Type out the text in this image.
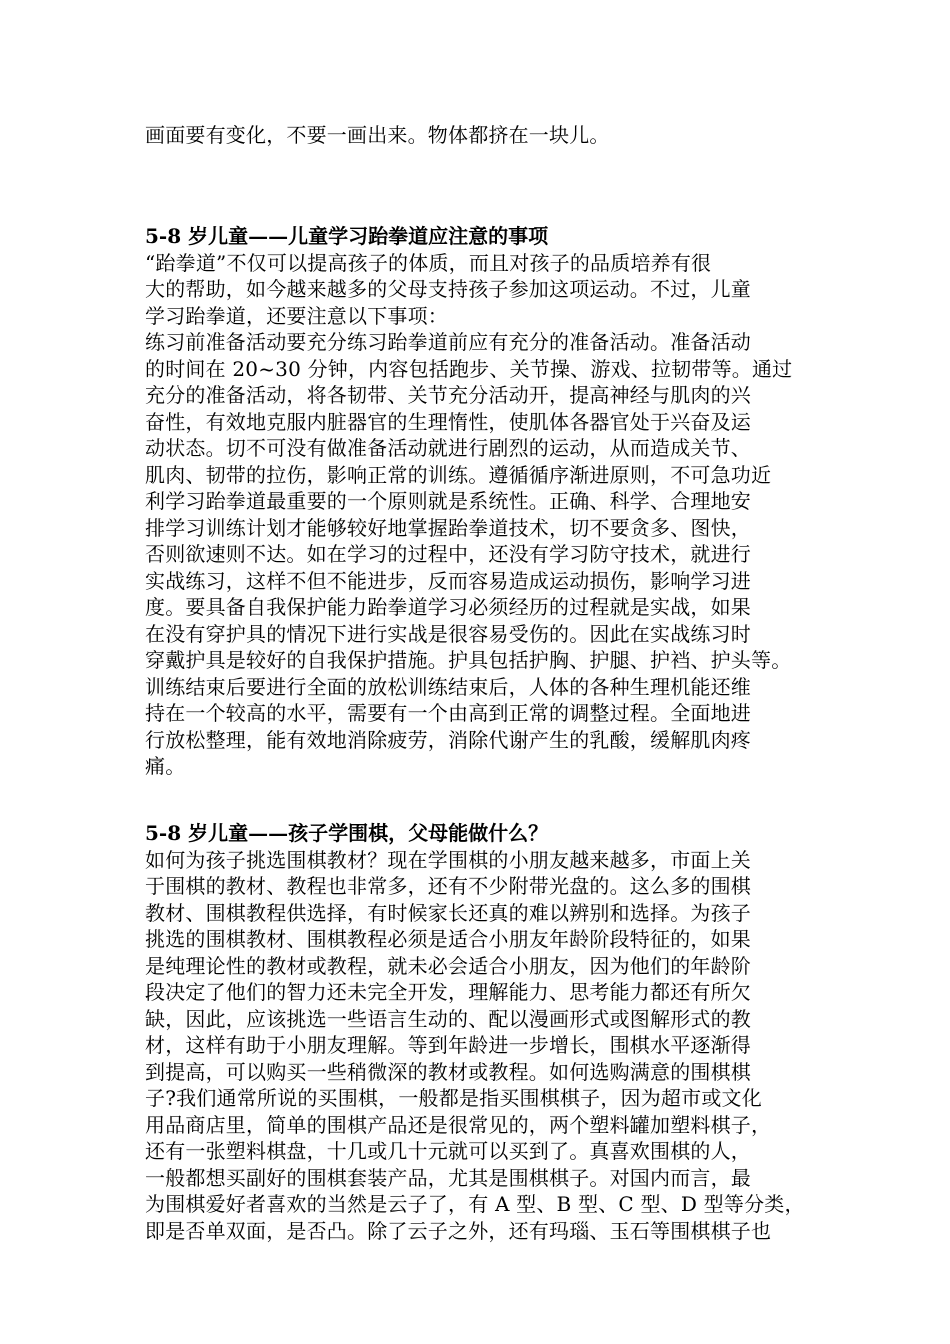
画面要有变化，不要一画出来。物体都挤在一块儿。
5-8 岁儿童——儿童学习跆拳道应注意的事项
“跆拳道”不仅可以提高孩子的体质，而且对孩子的品质培养有很
大的帮助，如今越来越多的父母支持孩子参加这项运动。不过，儿童
学习跆拳道，还要注意以下事项：
练习前准备活动要充分练习跆拳道前应有充分的准备活动。准备活动
的时间在 20~30 分钟，内容包括跑步、关节操、游戏、拉韧带等。通过
充分的准备活动，将各韧带、关节充分活动开，提高神经与肌肉的兴
奋性，有效地克服内脏器官的生理惰性，使肌体各器官处于兴奋及运
动状态。切不可没有做准备活动就进行剧烈的运动，从而造成关节、
肌肉、韧带的拉伤，影响正常的训练。遵循循序渐进原则，不可急功近
利学习跆拳道最重要的一个原则就是系统性。正确、科学、合理地安
排学习训练计划才能够较好地掌握跆拳道技术，切不要贪多、图快，
否则欲速则不达。如在学习的过程中，还没有学习防守技术，就进行
实战练习，这样不但不能进步，反而容易造成运动损伤，影响学习进
度。要具备自我保护能力跆拳道学习必须经历的过程就是实战，如果
在没有穿护具的情况下进行实战是很容易受伤的。因此在实战练习时
穿戴护具是较好的自我保护措施。护具包括护胸、护腿、护裆、护头等。
训练结束后要进行全面的放松训练结束后，人体的各种生理机能还维
持在一个较高的水平，需要有一个由高到正常的调整过程。全面地进
行放松整理，能有效地消除疲劳，消除代谢产生的乳酸，缓解肌肉疼
痛。
5-8 岁儿童——孩子学围棋，父母能做什么？
如何为孩子挑选围棋教材？现在学围棋的小朋友越来越多，市面上关
于围棋的教材、教程也非常多，还有不少附带光盘的。这么多的围棋
教材、围棋教程供选择，有时候家长还真的难以辨别和选择。为孩子
挑选的围棋教材、围棋教程必须是适合小朋友年龄阶段特征的，如果
是纯理论性的教材或教程，就未必会适合小朋友，因为他们的年龄阶
段决定了他们的智力还未完全开发，理解能力、思考能力都还有所欠
缺，因此，应该挑选一些语言生动的、配以漫画形式或图解形式的教
材，这样有助于小朋友理解。等到年龄进一步增长，围棋水平逐渐得
到提高，可以购买一些稍微深的教材或教程。如何选购满意的围棋棋
子?我们通常所说的买围棋，一般都是指买围棋棋子，因为超市或文化
用品商店里，简单的围棋产品还是很常见的，两个塑料罐加塑料棋子，
还有一张塑料棋盘，十几或几十元就可以买到了。真喜欢围棋的人，
一般都想买副好的围棋套装产品，尤其是围棋棋子。对国内而言，最
为围棋爱好者喜欢的当然是云子了，有 A 型、B 型、C 型、D 型等分类，
即是否单双面，是否凸。除了云子之外，还有玛瑙、玉石等围棋棋子也
